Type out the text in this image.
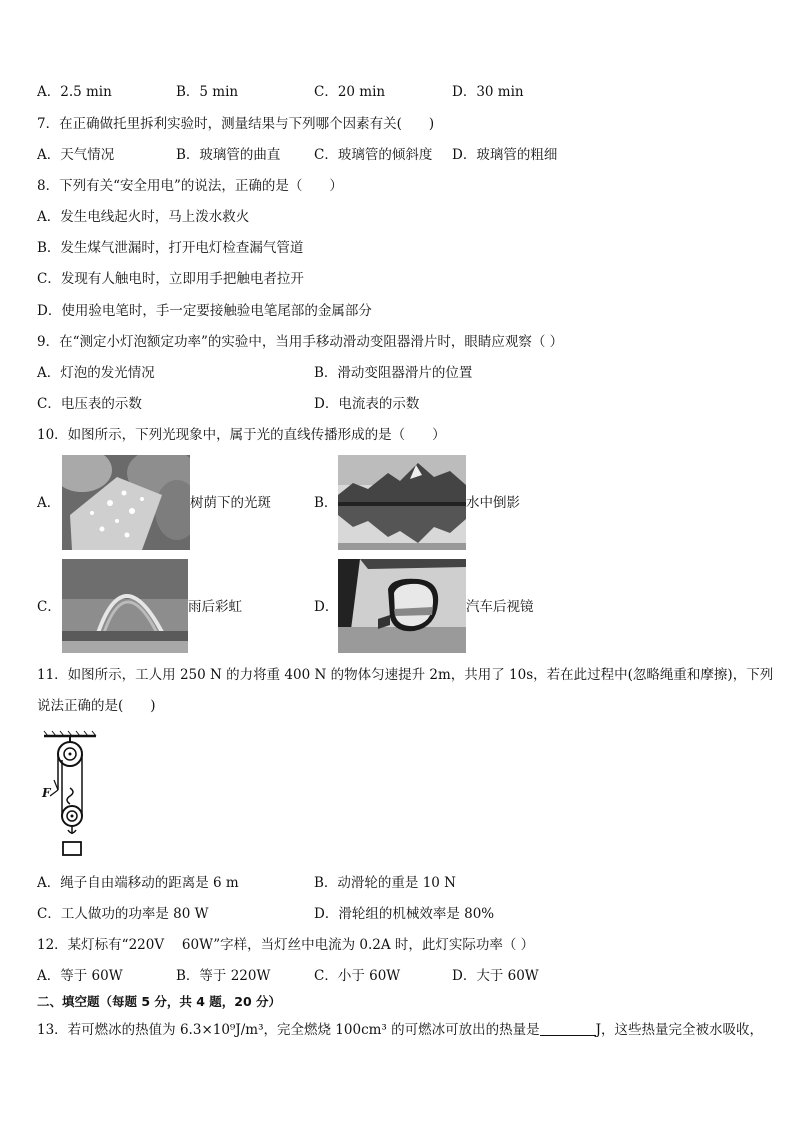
A．2.5 min	B．5 min	C．20 min	D．30 min
7．在正确做托里拆利实验时，测量结果与下列哪个因素有关(　　)
A．天气情况	B．玻璃管的曲直 C．玻璃管的倾斜度 D．玻璃管的粗细
8．下列有关“安全用电”的说法，正确的是（　　）
A．发生电线起火时，马上泼水救火
B．发生煤气泄漏时，打开电灯检查漏气管道
C．发现有人触电时，立即用手把触电者拉开
D．使用验电笔时，手一定要接触验电笔尾部的金属部分
9．在“测定小灯泡额定功率”的实验中，当用手移动滑动变阻器滑片时，眼睛应观察（ ）
A．灯泡的发光情况	B．滑动变阻器滑片的位置
C．电压表的示数	D．电流表的示数
10．如图所示，下列光现象中，属于光的直线传播形成的是（　　）
A．	树荫下的光斑	B．	水中倒影
C．	雨后彩虹	D．	汽车后视镜
11．如图所示，工人用 250 N 的力将重 400 N 的物体匀速提升 2m，共用了 10s，若在此过程中(忽略绳重和摩擦)，下列
说法正确的是(　　)
F
A．绳子自由端移动的距离是 6 m	B．动滑轮的重是 10 N
C．工人做功的功率是 80 W	D．滑轮组的机械效率是 80%
12．某灯标有“220V　 60W”字样，当灯丝中电流为 0.2A 时，此灯实际功率（ ）
A．等于 60W	B．等于 220W	C．小于 60W	D．大于 60W
二、填空题（每题 5 分，共 4 题，20 分）
13．若可燃冰的热值为 6.3×10⁹J/m³，完全燃烧 100cm³ 的可燃冰可放出的热量是	J，这些热量完全被水吸收，
